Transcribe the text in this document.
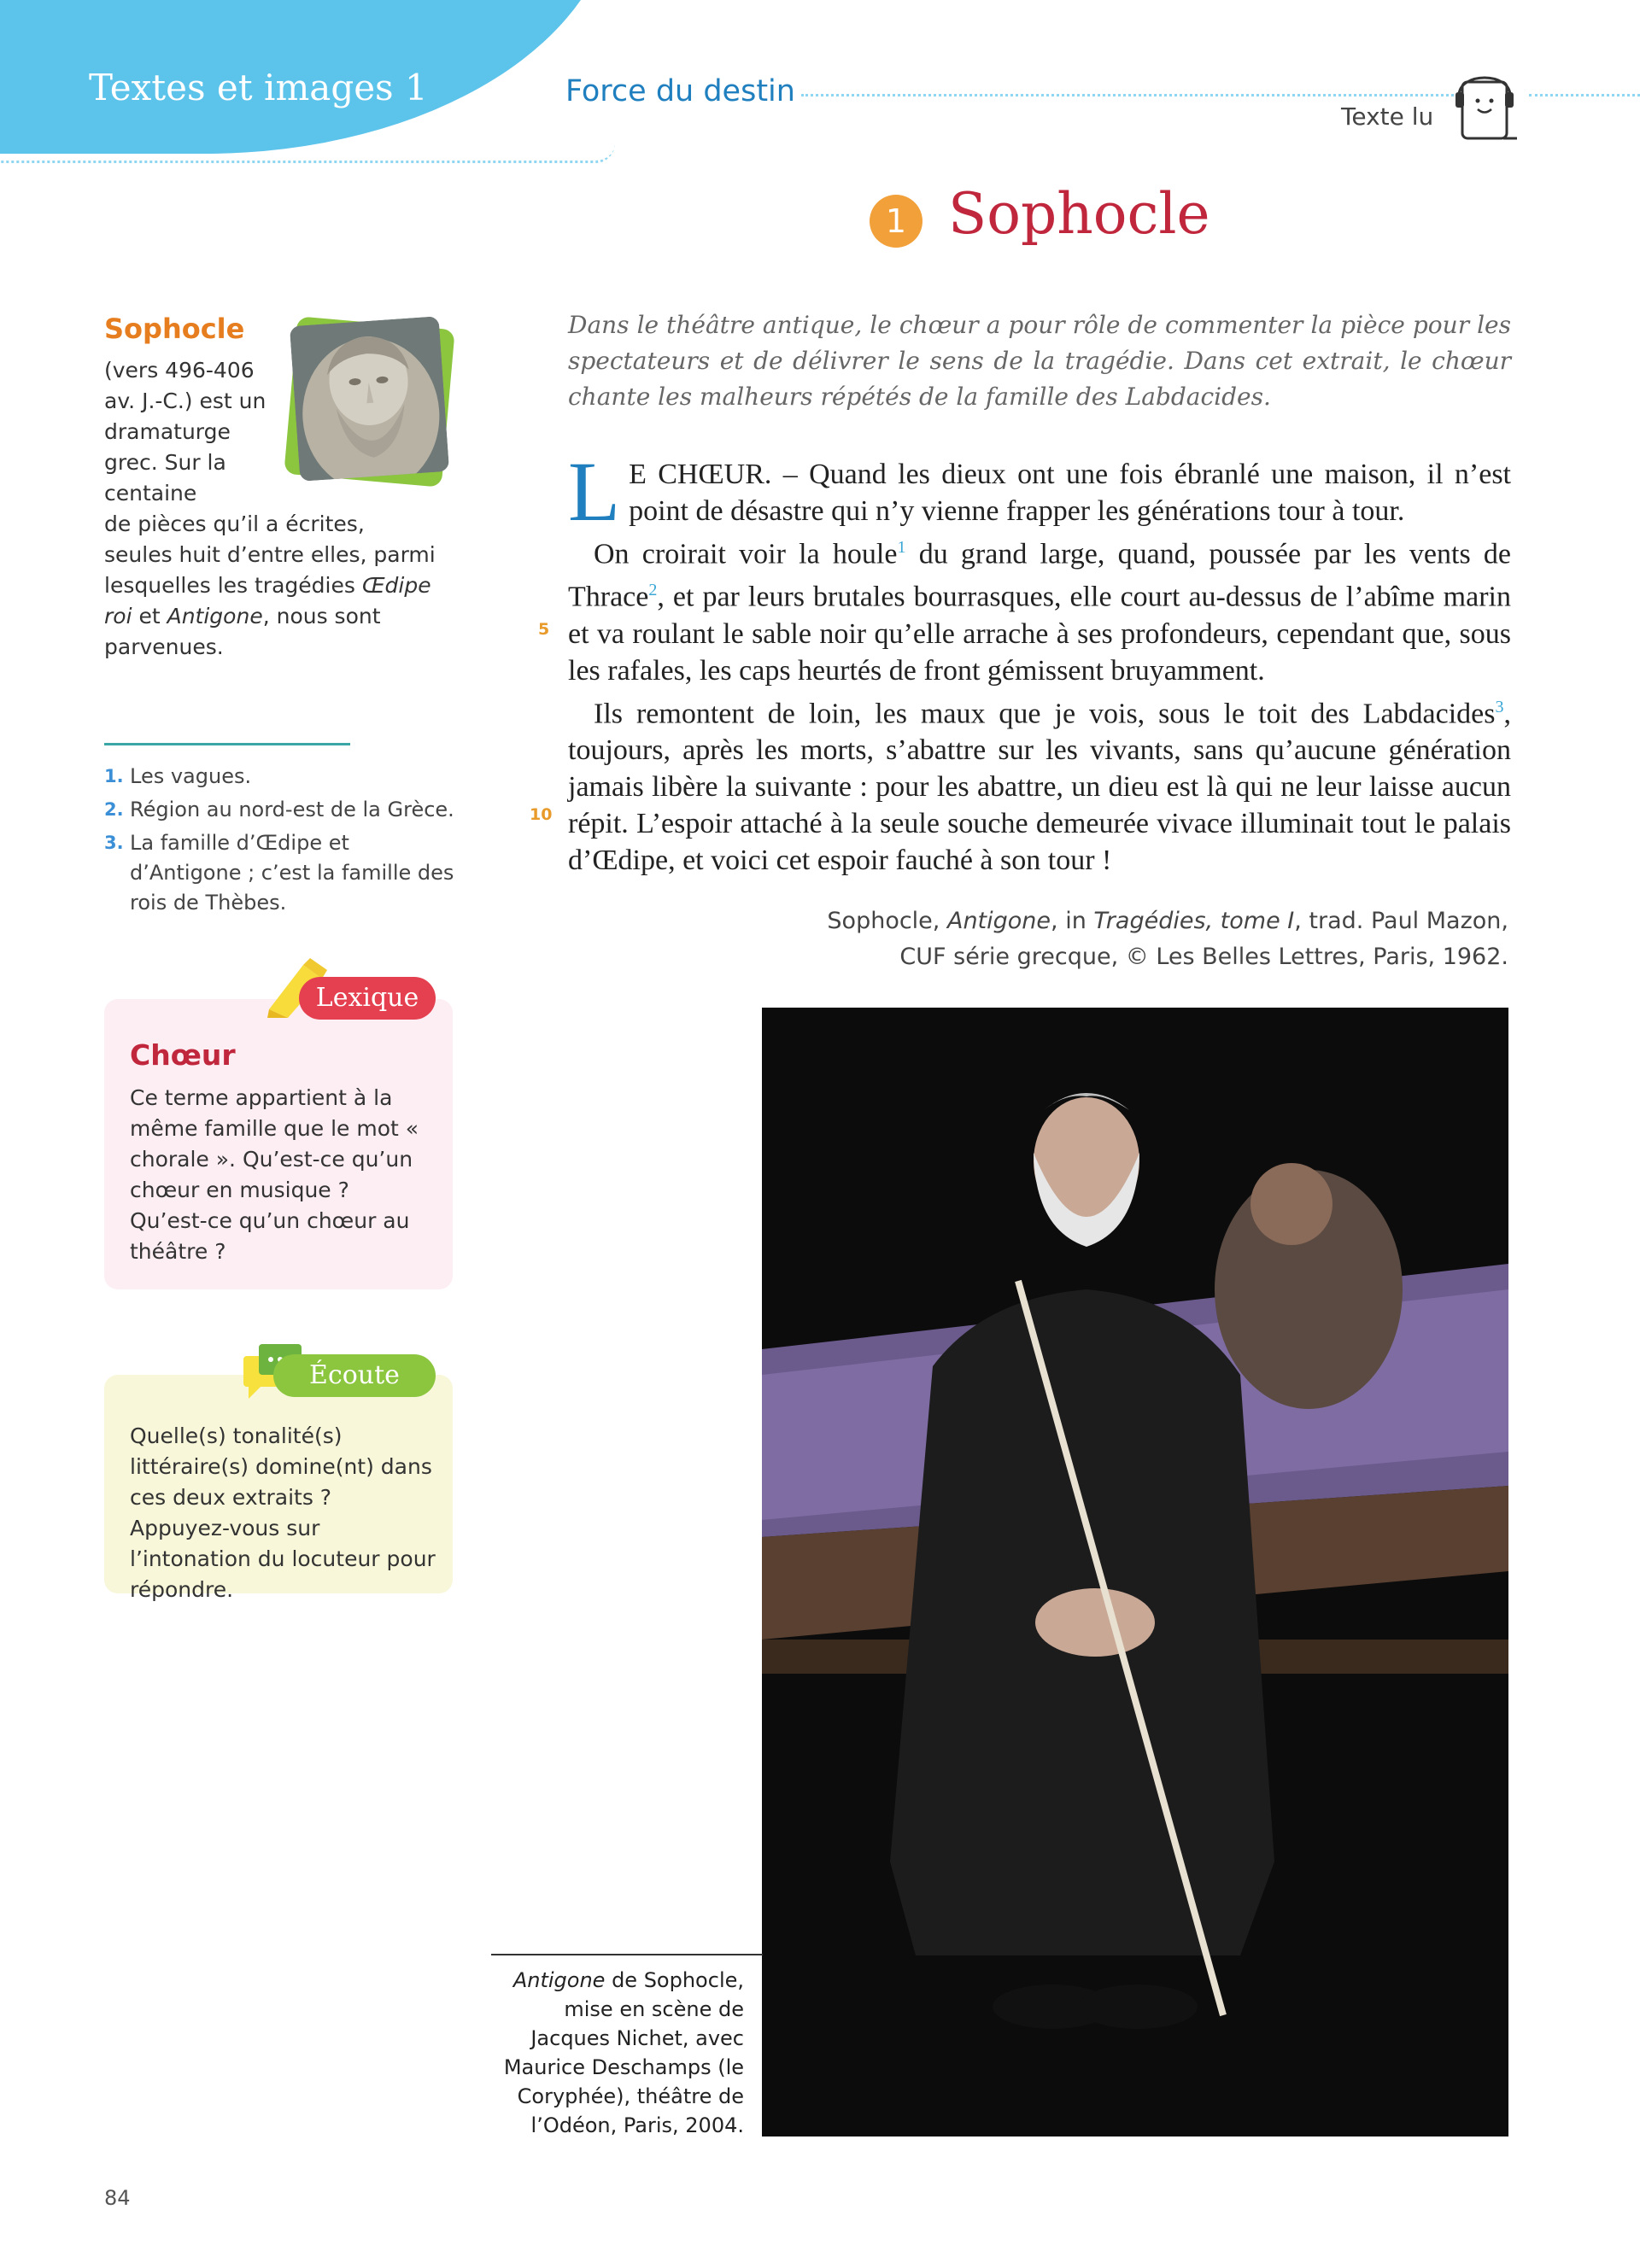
Textes et images 1	Force du destin
Texte lu
1 Sophocle
Sophocle
(vers 496-406
av. J.-C.) est un
dramaturge
grec. Sur la
centaine
de pièces qu’il a écrites, seules huit d’entre elles, parmi lesquelles les tragédies Œdipe roi et Antigone, nous sont parvenues.
1. Les vagues.
2. Région au nord-est de la Grèce.
3. La famille d’Œdipe et d’Antigone ; c’est la famille des rois de Thèbes.
Lexique
Chœur
Ce terme appartient à la même famille que le mot « chorale ». Qu’est-ce qu’un chœur en musique ? Qu’est-ce qu’un chœur au théâtre ?
Écoute
Quelle(s) tonalité(s) littéraire(s) domine(nt) dans ces deux extraits ? Appuyez-vous sur l’intonation du locuteur pour répondre.
Dans le théâtre antique, le chœur a pour rôle de commenter la pièce pour les spectateurs et de délivrer le sens de la tragédie. Dans cet extrait, le chœur chante les malheurs répétés de la famille des Labdacides.

L E CHŒUR. – Quand les dieux ont une fois ébranlé une maison, il n’est point de désastre qui n’y vienne frapper les générations tour à tour.

On croirait voir la houle$^1$ du grand large, quand, poussée par les vents de Thrace$^2$, et par leurs brutales bourrasques, elle court au-dessus de l’abîme marin et va roulant le sable noir qu’elle arrache à ses profondeurs, cependant que, sous les rafales, les caps heurtés de front gémissent bruyamment.

Ils remontent de loin, les maux que je vois, sous le toit des Labdacides$^3$, toujours, après les morts, s’abattre sur les vivants, sans qu’aucune génération jamais libère la suivante : pour les abattre, un dieu est là qui ne leur laisse aucun répit. L’espoir attaché à la seule souche demeurée vivace illuminait tout le palais d’Œdipe, et voici cet espoir fauché à son tour !

5
10
Sophocle, Antigone, in Tragédies, tome I, trad. Paul Mazon,
CUF série grecque, © Les Belles Lettres, Paris, 1962.
Antigone de Sophocle, mise en scène de Jacques Nichet, avec Maurice Deschamps (le Coryphée), théâtre de l’Odéon, Paris, 2004.
84
